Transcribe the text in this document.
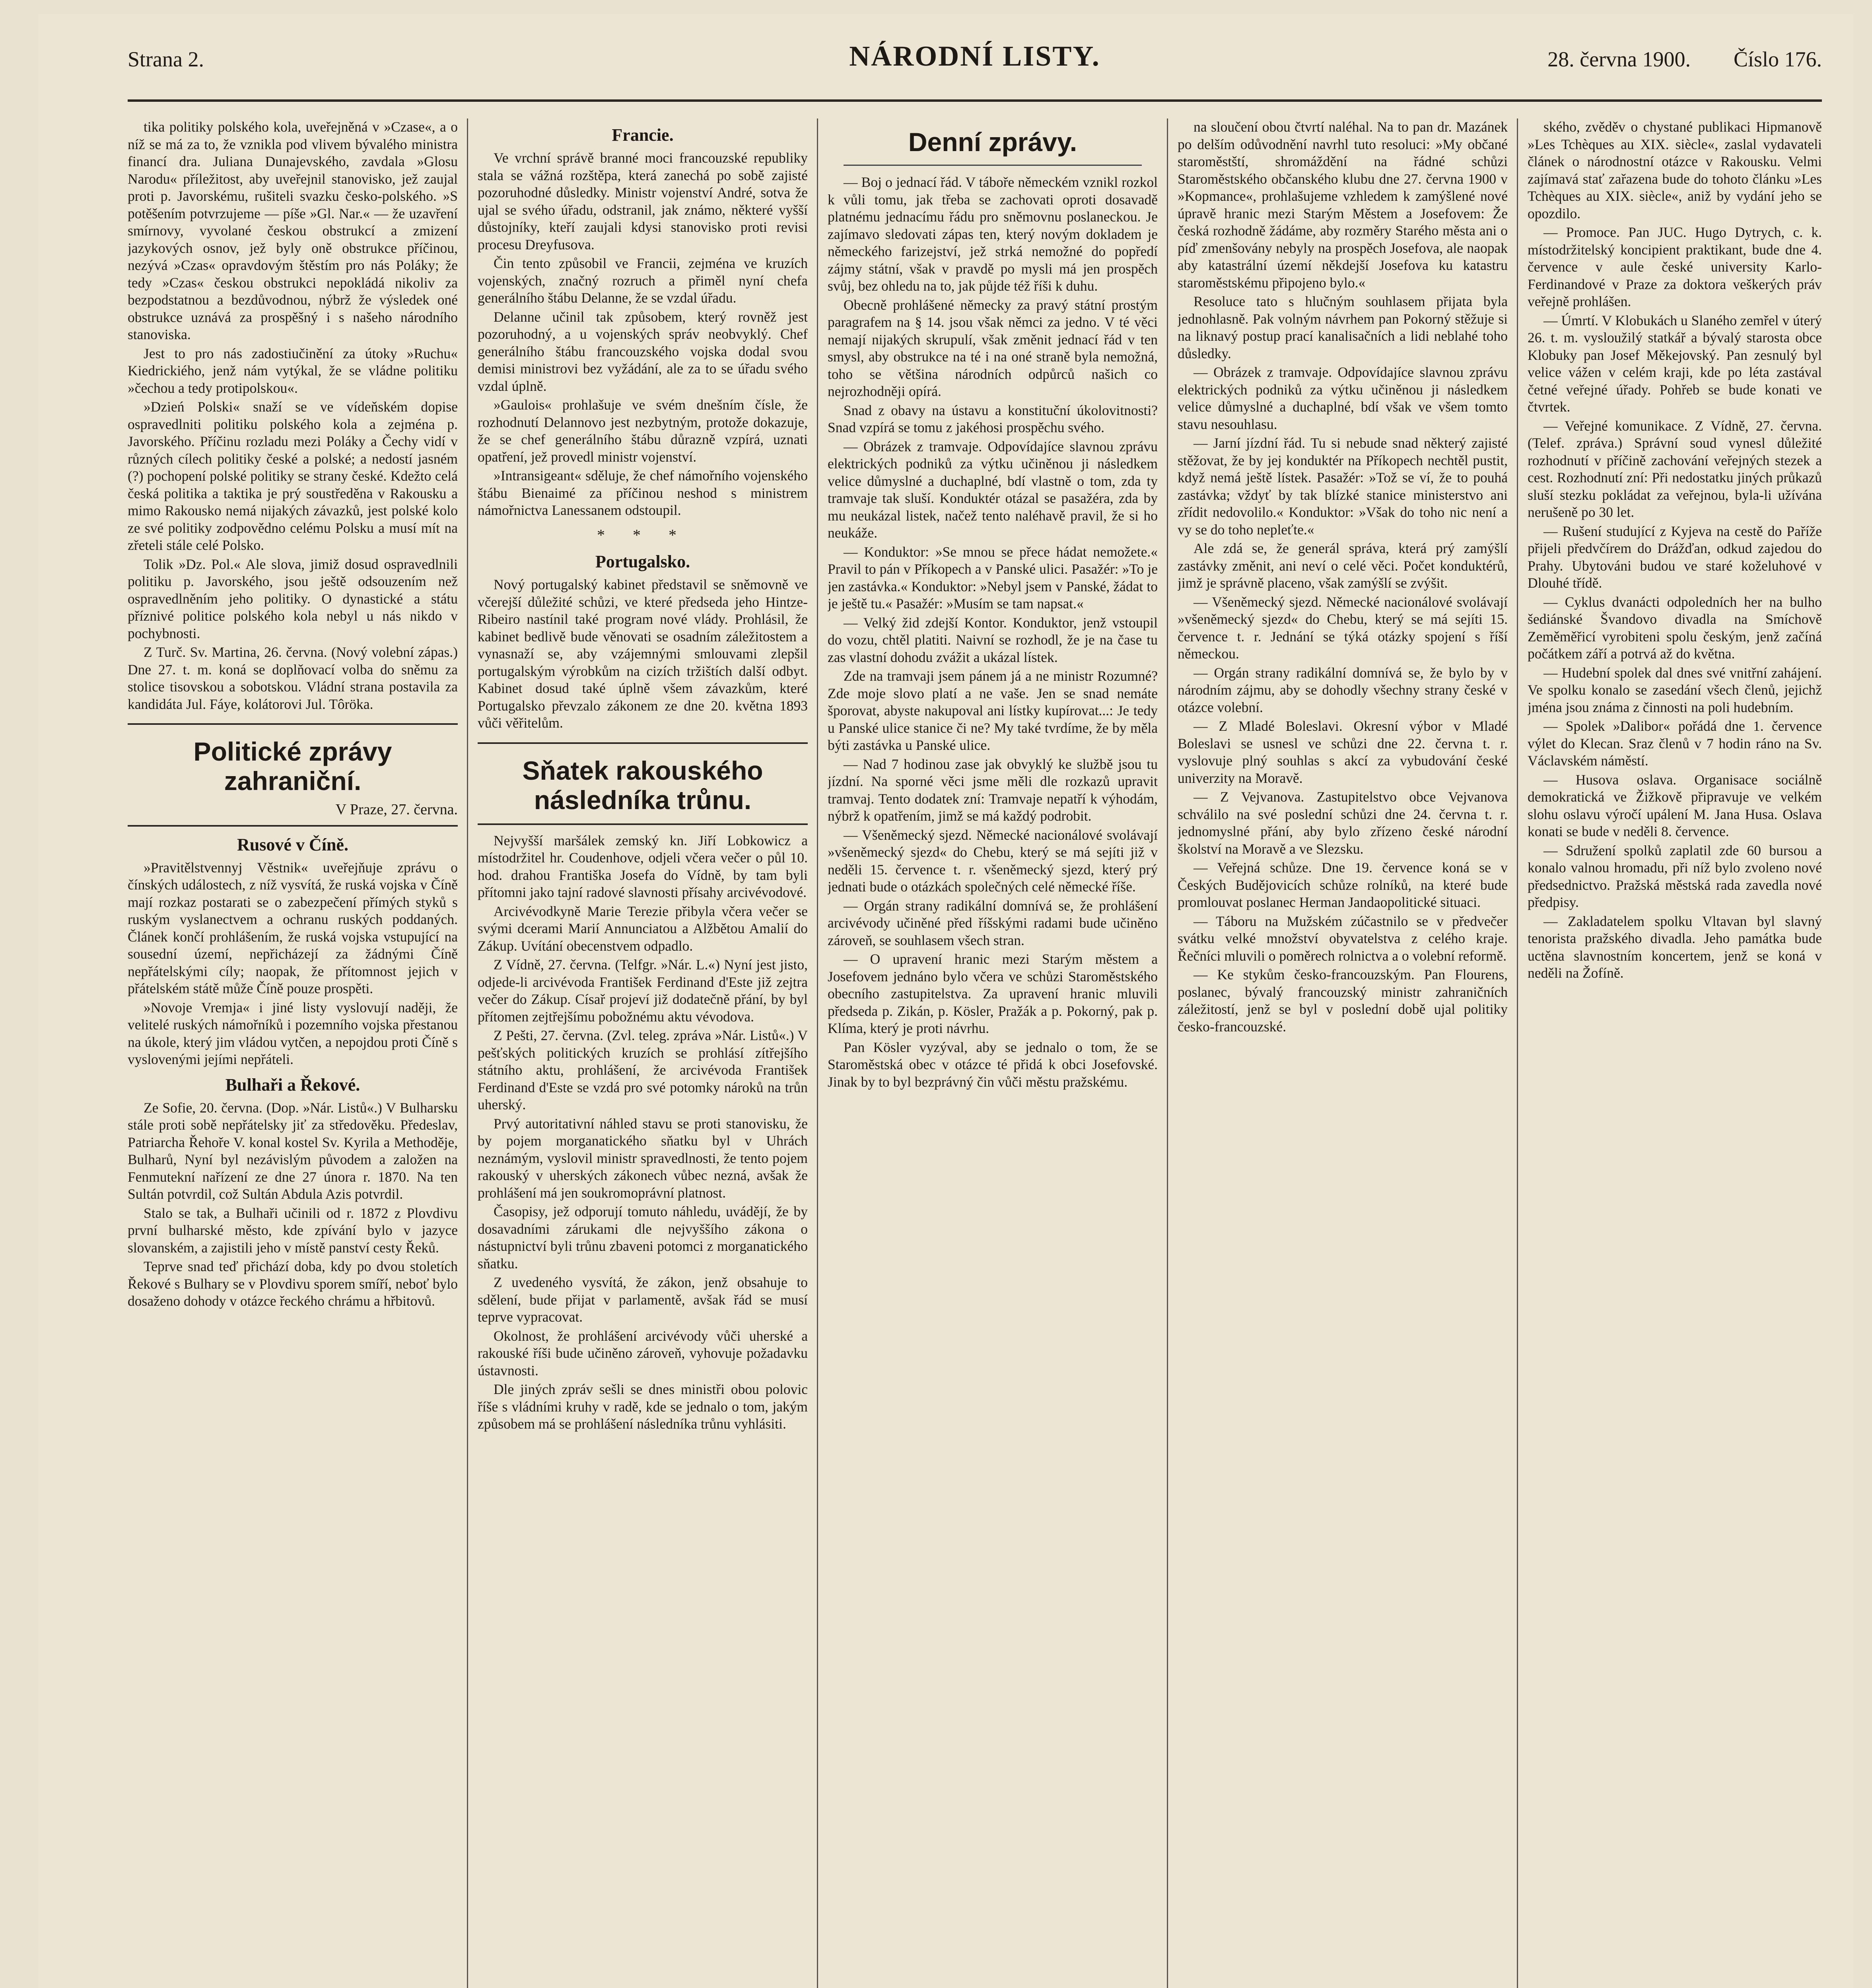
Strana 2.	NÁRODNÍ LISTY.	28. června 1900. Číslo 176.

tika politiky polského kola, uveřejněná v »Czase«, a o níž se má za to, že vznikla pod vlivem bývalého ministra financí dra. Juliana Dunajevského, zavdala »Glosu Narodu« příležitost, aby uveřejnil stanovisko, jež zaujal proti p. Javorskému, rušiteli svazku česko-polského. »S potěšením potvrzujeme — píše »Gl. Nar.« — že uzavření smírnovy, vyvolané českou obstrukcí a zmizení jazykových osnov, jež byly oně obstrukce příčinou, nezývá »Czas« opravdovým štěstím pro nás Poláky; že tedy »Czas« českou obstrukci nepokládá nikoliv za bezpodstatnou a bezdůvodnou, nýbrž že výsledek oné obstrukce uznává za prospěšný i s našeho národního stanoviska.

Jest to pro nás zadostiučinění za útoky »Ruchu« Kiedrickiého, jenž nám vytýkal, že se vládne politiku »čechou a tedy protipolskou«.

»Dzień Polski« snaží se ve vídeňském dopise ospravedlniti politiku polského kola a zejména p. Javorského. Příčinu rozladu mezi Poláky a Čechy vidí v různých cílech politiky české a polské; a nedostí jasném (?) pochopení polské politiky se strany české. Kdežto celá česká politika a taktika je prý soustředěna v Rakousku a mimo Rakousko nemá nijakých závazků, jest polské kolo ze své politiky zodpovědno celému Polsku a musí mít na zřeteli stále celé Polsko.

Tolik »Dz. Pol.« Ale slova, jimiž dosud ospravedlnili politiku p. Javorského, jsou ještě odsouzením než ospravedlněním jeho politiky. O dynastické a státu příznivé politice polského kola nebyl u nás nikdo v pochybnosti.

Z Turč. Sv. Martina, 26. června. (Nový volební zápas.) Dne 27. t. m. koná se doplňovací volba do sněmu za stolice tisovskou a sobotskou. Vládní strana postavila za kandidáta Jul. Fáye, kolátorovi Jul. Tôröka.

Politické zprávy zahraniční.
V Praze, 27. června.
Rusové v Číně.

»Pravitělstvennyj Věstnik« uveřejňuje zprávu o čínských událostech, z níž vysvítá, že ruská vojska v Číně mají rozkaz postarati se o zabezpečení přímých styků s ruským vyslanectvem a ochranu ruských poddaných. Článek končí prohlášením, že ruská vojska vstupující na sousední území, nepřicházejí za žádnými Číně nepřátelskými cíly; naopak, že přítomnost jejich v přátelském státě může Číně pouze prospěti.

»Novoje Vremja« i jiné listy vyslovují naději, že velitelé ruských námořníků i pozemního vojska přestanou na úkole, který jim vládou vytčen, a nepojdou proti Číně s vyslovenými jejími nepřáteli.

Bulhaři a Řekové.

Ze Sofie, 20. června. (Dop. »Nár. Listů«.) V Bulharsku stále proti sobě nepřátelsky jiť za středověku. Předeslav, Patriarcha Řehoře V. konal kostel Sv. Kyrila a Methoděje, Bulharů, Nyní byl nezávislým původem a založen na Fenmutekní nařízení ze dne 27 února r. 1870. Na ten Sultán potvrdil, což Sultán Abdula Azis potvrdil.

Stalo se tak, a Bulhaři učinili od r. 1872 z Plovdivu první bulharské město, kde zpívání bylo v jazyce slovanském, a zajistili jeho v místě panství cesty Řeků.

Teprve snad teď přichází doba, kdy po dvou stoletích Řekové s Bulhary se v Plovdivu sporem smíří, neboť bylo dosaženo dohody v otázce řeckého chrámu a hřbitovů.

Francie.

Ve vrchní správě branné moci francouzské republiky stala se vážná rozštěpa, která zanechá po sobě zajisté pozoruhodné důsledky. Ministr vojenství André, sotva že ujal se svého úřadu, odstranil, jak známo, některé vyšší důstojníky, kteří zaujali kdysi stanovisko proti revisi procesu Dreyfusova.

Čin tento způsobil ve Francii, zejména ve kruzích vojenských, značný rozruch a přiměl nyní chefa generálního štábu Delanne, že se vzdal úřadu.

Delanne učinil tak způsobem, který rovněž jest pozoruhodný, a u vojenských správ neobvyklý. Chef generálního štábu francouzského vojska dodal svou demisi ministrovi bez vyžádání, ale za to se úřadu svého vzdal úplně.

»Gaulois« prohlašuje ve svém dnešním čísle, že rozhodnutí Delannovo jest nezbytným, protože dokazuje, že se chef generálního štábu důrazně vzpírá, uznati opatření, jež provedl ministr vojenství.

»Intransigeant« sděluje, že chef námořního vojenského štábu Bienaimé za příčinou neshod s ministrem námořnictva Lanessanem odstoupil.

* * *
Portugalsko.

Nový portugalský kabinet představil se sněmovně ve včerejší důležité schůzi, ve které předseda jeho Hintze-Ribeiro nastínil také program nové vlády. Prohlásil, že kabinet bedlivě bude věnovati se osadním záležitostem a vynasnaží se, aby vzájemnými smlouvami zlepšil portugalským výrobkům na cizích tržištích další odbyt. Kabinet dosud také úplně všem závazkům, které Portugalsko převzalo zákonem ze dne 20. května 1893 vůči věřitelům.

Sňatek rakouského následníka trůnu.

Nejvyšší maršálek zemský kn. Jiří Lobkowicz a místodržitel hr. Coudenhove, odjeli včera večer o půl 10. hod. drahou Františka Josefa do Vídně, by tam byli přítomni jako tajní radové slavnosti přísahy arcivévodové.

Arcivévodkyně Marie Terezie přibyla včera večer se svými dcerami Marií Annunciatou a Alžbětou Amalií do Zákup. Uvítání obecenstvem odpadlo.

Z Vídně, 27. června. (Telfgr. »Nár. L.«) Nyní jest jisto, odjede-li arcivévoda František Ferdinand d'Este již zejtra večer do Zákup. Císař projeví již dodatečně přání, by byl přítomen zejtřejšímu pobožnému aktu vévodova.

Z Pešti, 27. června. (Zvl. teleg. zpráva »Nár. Listů«.) V pešťských politických kruzích se prohlásí zítřejšího státního aktu, prohlášení, že arcivévoda František Ferdinand d'Este se vzdá pro své potomky nároků na trůn uherský.

Prvý autoritativní náhled stavu se proti stanovisku, že by pojem morganatického sňatku byl v Uhrách neznámým, vyslovil ministr spravedlnosti, že tento pojem rakouský v uherských zákonech vůbec nezná, avšak že prohlášení má jen soukromoprávní platnost.

Časopisy, jež odporují tomuto náhledu, uvádějí, že by dosavadními zárukami dle nejvyššího zákona o nástupnictví byli trůnu zbaveni potomci z morganatického sňatku.

Z uvedeného vysvítá, že zákon, jenž obsahuje to sdělení, bude přijat v parlamentě, avšak řád se musí teprve vypracovat.

Okolnost, že prohlášení arcivévody vůči uherské a rakouské říši bude učiněno zároveň, vyhovuje požadavku ústavnosti.

Dle jiných zpráv sešli se dnes ministři obou polovic říše s vládními kruhy v radě, kde se jednalo o tom, jakým způsobem má se prohlášení následníka trůnu vyhlásiti.

Denní zprávy.

— Boj o jednací řád. V táboře německém vznikl rozkol k vůli tomu, jak třeba se zachovati oproti dosavadě platnému jednacímu řádu pro sněmovnu poslaneckou. Je zajímavo sledovati zápas ten, který novým dokladem je německého farizejství, jež strká nemožné do popředí zájmy státní, však v pravdě po mysli má jen prospěch svůj, bez ohledu na to, jak půjde též říši k duhu.

Obecně prohlášené německy za pravý státní prostým paragrafem na § 14. jsou však němci za jedno. V té věci nemají nijakých skrupulí, však změnit jednací řád v ten smysl, aby obstrukce na té i na oné straně byla nemožná, toho se většina národních odpůrců našich co nejrozhodněji opírá.

Snad z obavy na ústavu a konstituční úkolovitnosti? Snad vzpírá se tomu z jakéhosi prospěchu svého.

— Obrázek z tramvaje. Odpovídajíce slavnou zprávu elektrických podniků za výtku učiněnou ji následkem velice důmyslné a duchaplné, bdí vlastně o tom, zda ty tramvaje tak sluší. Konduktér otázal se pasažéra, zda by mu neukázal listek, načež tento naléhavě pravil, že si ho neukáže.

— Konduktor: »Se mnou se přece hádat nemožete.« Pravil to pán v Příkopech a v Panské ulici. Pasažér: »To je jen zastávka.« Konduktor: »Nebyl jsem v Panské, žádat to je ještě tu.« Pasažér: »Musím se tam napsat.«

— Velký žid zdejší Kontor. Konduktor, jenž vstoupil do vozu, chtěl platiti. Naivní se rozhodl, že je na čase tu zas vlastní dohodu zvážit a ukázal lístek.

Zde na tramvaji jsem pánem já a ne ministr Rozumné? Zde moje slovo platí a ne vaše. Jen se snad nemáte šporovat, abyste nakupoval ani lístky kupírovat...: Je tedy u Panské ulice stanice či ne? My také tvrdíme, že by měla býti zastávka u Panské ulice.

— Nad 7 hodinou zase jak obvyklý ke službě jsou tu jízdní. Na sporné věci jsme měli dle rozkazů upravit tramvaj. Tento dodatek zní: Tramvaje nepatří k výhodám, nýbrž k opatřením, jimž se má každý podrobit.

— Všeněmecký sjezd. Německé nacionálové svolávají »všeněmecký sjezd« do Chebu, který se má sejíti již v neděli 15. července t. r. všeněmecký sjezd, který prý jednati bude o otázkách společných celé německé říše.

— Orgán strany radikální domnívá se, že prohlášení arcivévody učiněné před říšskými radami bude učiněno zároveň, se souhlasem všech stran.

— O upravení hranic mezi Starým městem a Josefovem jednáno bylo včera ve schůzi Staroměstského obecního zastupitelstva. Za upravení hranic mluvili předseda p. Zikán, p. Kösler, Pražák a p. Pokorný, pak p. Klíma, který je proti návrhu.

Pan Kösler vyzýval, aby se jednalo o tom, že se Staroměstská obec v otázce té přidá k obci Josefovské. Jinak by to byl bezprávný čin vůči městu pražskému.

na sloučení obou čtvrtí naléhal. Na to pan dr. Mazánek po delším odůvodnění navrhl tuto resoluci: »My občané staroměstští, shromáždění na řádné schůzi Staroměstského občanského klubu dne 27. června 1900 v »Kopmance«, prohlašujeme vzhledem k zamýšlené nové úpravě hranic mezi Starým Městem a Josefovem: Že česká rozhodně žádáme, aby rozměry Starého města ani o píď zmenšovány nebyly na prospěch Josefova, ale naopak aby katastrální území někdejší Josefova ku katastru staroměstskému připojeno bylo.«

Resoluce tato s hlučným souhlasem přijata byla jednohlasně. Pak volným návrhem pan Pokorný stěžuje si na liknavý postup prací kanalisačních a lidi neblahé toho důsledky.

— Obrázek z tramvaje. Odpovídajíce slavnou zprávu elektrických podniků za výtku učiněnou ji následkem velice důmyslné a duchaplné, bdí však ve všem tomto stavu nesouhlasu.

— Jarní jízdní řád. Tu si nebude snad některý zajisté stěžovat, že by jej konduktér na Příkopech nechtěl pustit, když nemá ještě lístek. Pasažér: »Tož se ví, že to pouhá zastávka; vždyť by tak blízké stanice ministerstvo ani zřídit nedovolilo.« Konduktor: »Však do toho nic není a vy se do toho nepleťte.«

Ale zdá se, že generál správa, která prý zamýšlí zastávky změnit, ani neví o celé věci. Počet konduktérů, jimž je správně placeno, však zamýšlí se zvýšit.

— Všeněmecký sjezd. Německé nacionálové svolávají »všeněmecký sjezd« do Chebu, který se má sejíti 15. července t. r. Jednání se týká otázky spojení s říší německou.

— Orgán strany radikální domnívá se, že bylo by v národním zájmu, aby se dohodly všechny strany české v otázce volební.

— Z Mladé Boleslavi. Okresní výbor v Mladé Boleslavi se usnesl ve schůzi dne 22. června t. r. vyslovuje plný souhlas s akcí za vybudování české univerzity na Moravě.

— Z Vejvanova. Zastupitelstvo obce Vejvanova schválilo na své poslední schůzi dne 24. června t. r. jednomyslné přání, aby bylo zřízeno české národní školství na Moravě a ve Slezsku.

— Veřejná schůze. Dne 19. července koná se v Českých Budějovicích schůze rolníků, na které bude promlouvat poslanec Herman Jandaopolitické situaci.

— Táboru na Mužském zúčastnilo se v předvečer svátku velké množství obyvatelstva z celého kraje. Řečníci mluvili o poměrech rolnictva a o volební reformě.

— Ke stykům česko-francouzským. Pan Flourens, poslanec, bývalý francouzský ministr zahraničních záležitostí, jenž se byl v poslední době ujal politiky česko-francouzské.

ského, zvěděv o chystané publikaci Hipmanově »Les Tchèques au XIX. siècle«, zaslal vydavateli článek o národnostní otázce v Rakousku. Velmi zajímavá stať zařazena bude do tohoto článku »Les Tchèques au XIX. siècle«, aniž by vydání jeho se opozdilo.

— Promoce. Pan JUC. Hugo Dytrych, c. k. místodržitelský koncipient praktikant, bude dne 4. července v aule české university Karlo-Ferdinandové v Praze za doktora veškerých práv veřejně prohlášen.

— Úmrtí. V Klobukách u Slaného zemřel v úterý 26. t. m. vysloužilý statkář a bývalý starosta obce Klobuky pan Josef Měkejovský. Pan zesnulý byl velice vážen v celém kraji, kde po léta zastával četné veřejné úřady. Pohřeb se bude konati ve čtvrtek.

— Veřejné komunikace. Z Vídně, 27. června. (Telef. zpráva.) Správní soud vynesl důležité rozhodnutí v příčině zachování veřejných stezek a cest. Rozhodnutí zní: Při nedostatku jiných průkazů sluší stezku pokládat za veřejnou, byla-li užívána nerušeně po 30 let.

— Rušení studující z Kyjeva na cestě do Paříže přijeli předvčírem do Drážďan, odkud zajedou do Prahy. Ubytováni budou ve staré koželuhové v Dlouhé třídě.

— Cyklus dvanácti odpoledních her na bulho šediánské Švandovo divadla na Smíchově Zeměměřicí vyrobiteni spolu českým, jenž začíná počátkem září a potrvá až do května.

— Hudební spolek dal dnes své vnitřní zahájení. Ve spolku konalo se zasedání všech členů, jejichž jména jsou známa z činnosti na poli hudebním.

— Spolek »Dalibor« pořádá dne 1. července výlet do Klecan. Sraz členů v 7 hodin ráno na Sv. Václavském náměstí.

— Husova oslava. Organisace sociálně demokratická ve Žižkově připravuje ve velkém slohu oslavu výročí upálení M. Jana Husa. Oslava konati se bude v neděli 8. července.

— Sdružení spolků zaplatil zde 60 bursou a konalo valnou hromadu, při níž bylo zvoleno nové předsednictvo. Pražská městská rada zavedla nové předpisy.

— Zakladatelem spolku Vltavan byl slavný tenorista pražského divadla. Jeho památka bude uctěna slavnostním koncertem, jenž se koná v neděli na Žofíně.
